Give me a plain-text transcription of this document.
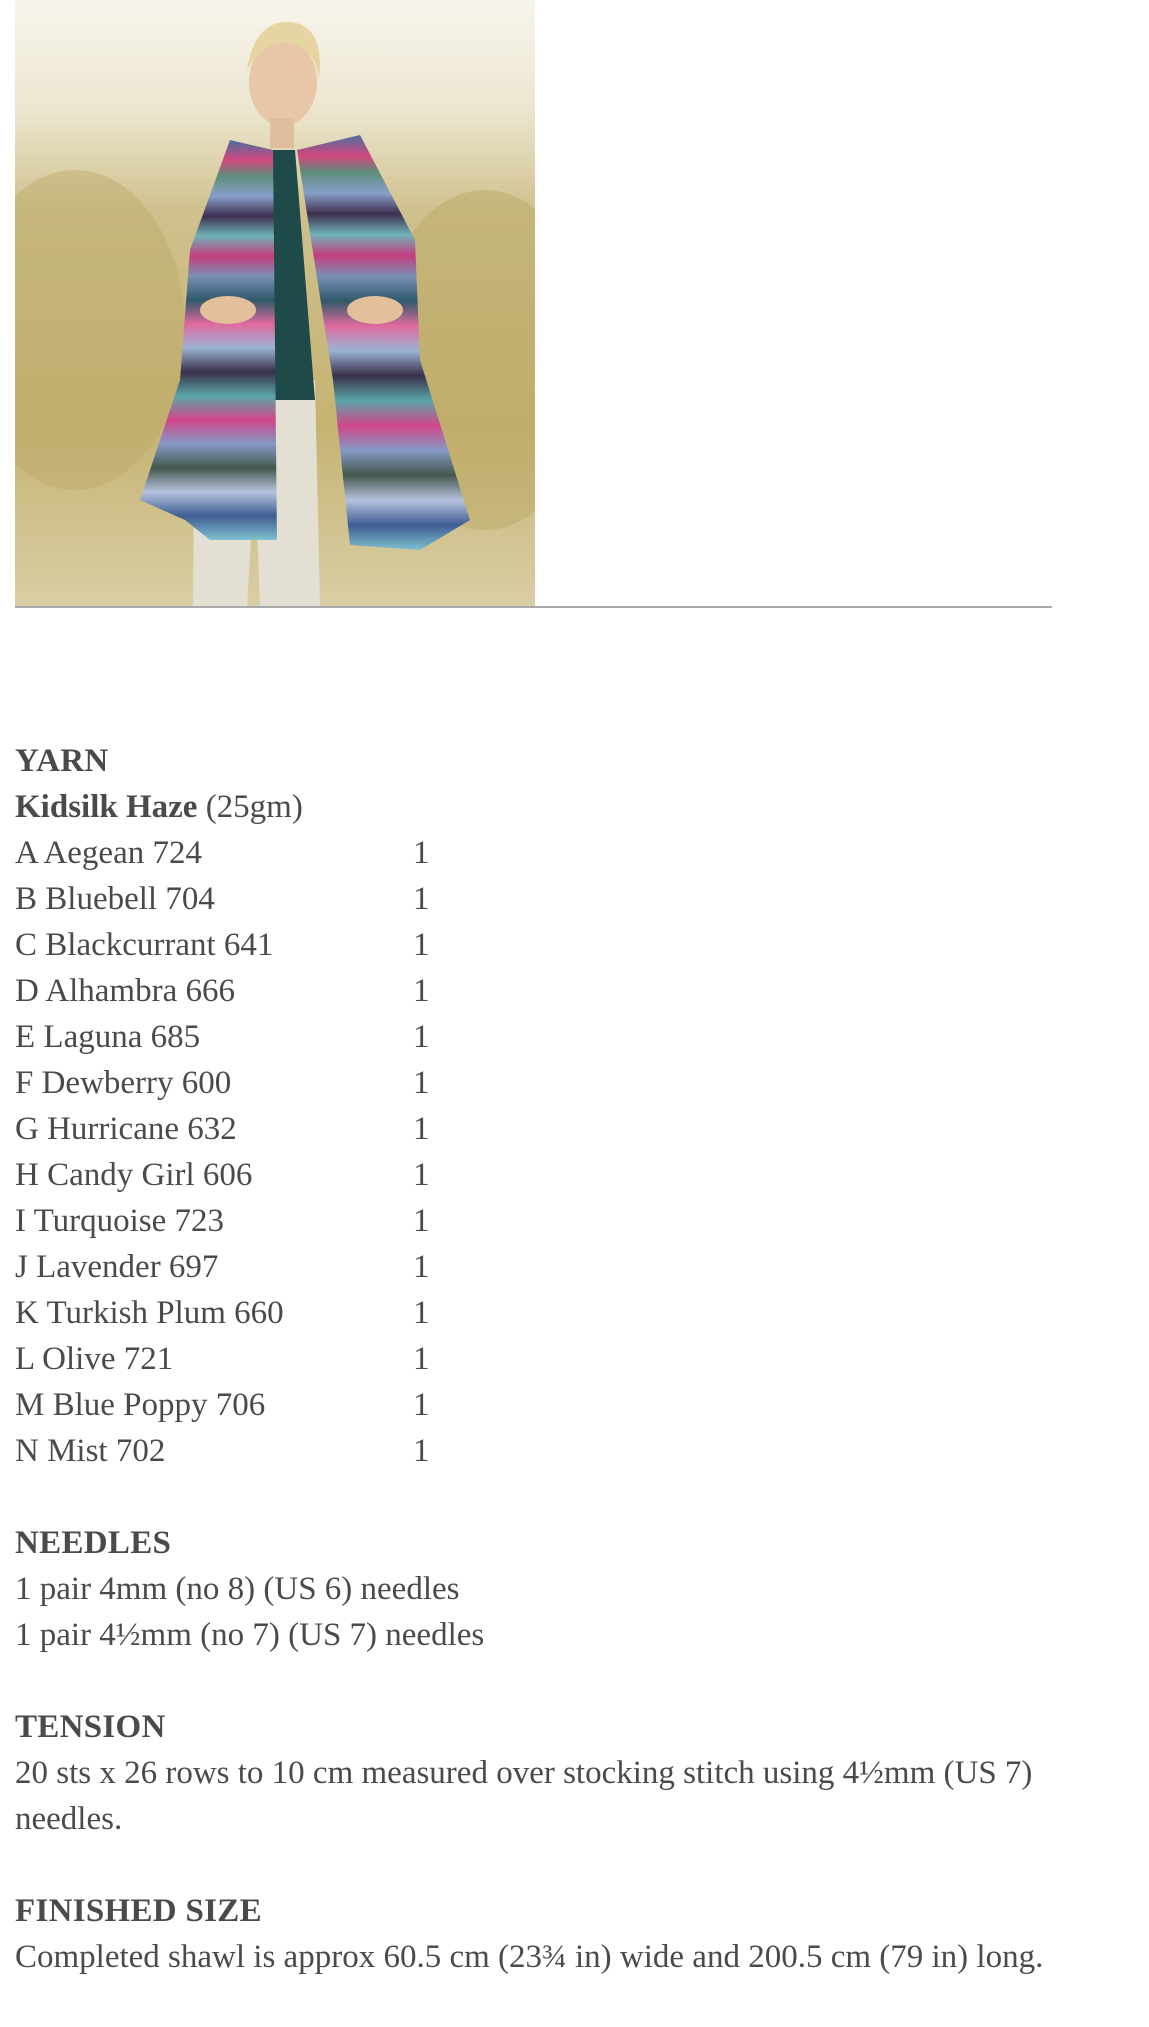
YARN
Kidsilk Haze (25gm)
A Aegean 724	1
B Bluebell 704	1
C Blackcurrant 641	1
D Alhambra 666	1
E Laguna 685	1
F Dewberry 600	1
G Hurricane 632	1
H Candy Girl 606	1
I Turquoise 723	1
J Lavender 697	1
K Turkish Plum 660	1
L Olive 721	1
M Blue Poppy 706	1
N Mist 702	1
NEEDLES
1 pair 4mm (no 8) (US 6) needles
1 pair 4½mm (no 7) (US 7) needles
TENSION

20 sts x 26 rows to 10 cm measured over stocking stitch using 4½mm (US 7) needles.

FINISHED SIZE

Completed shawl is approx 60.5 cm (23¾ in) wide and 200.5 cm (79 in) long.
